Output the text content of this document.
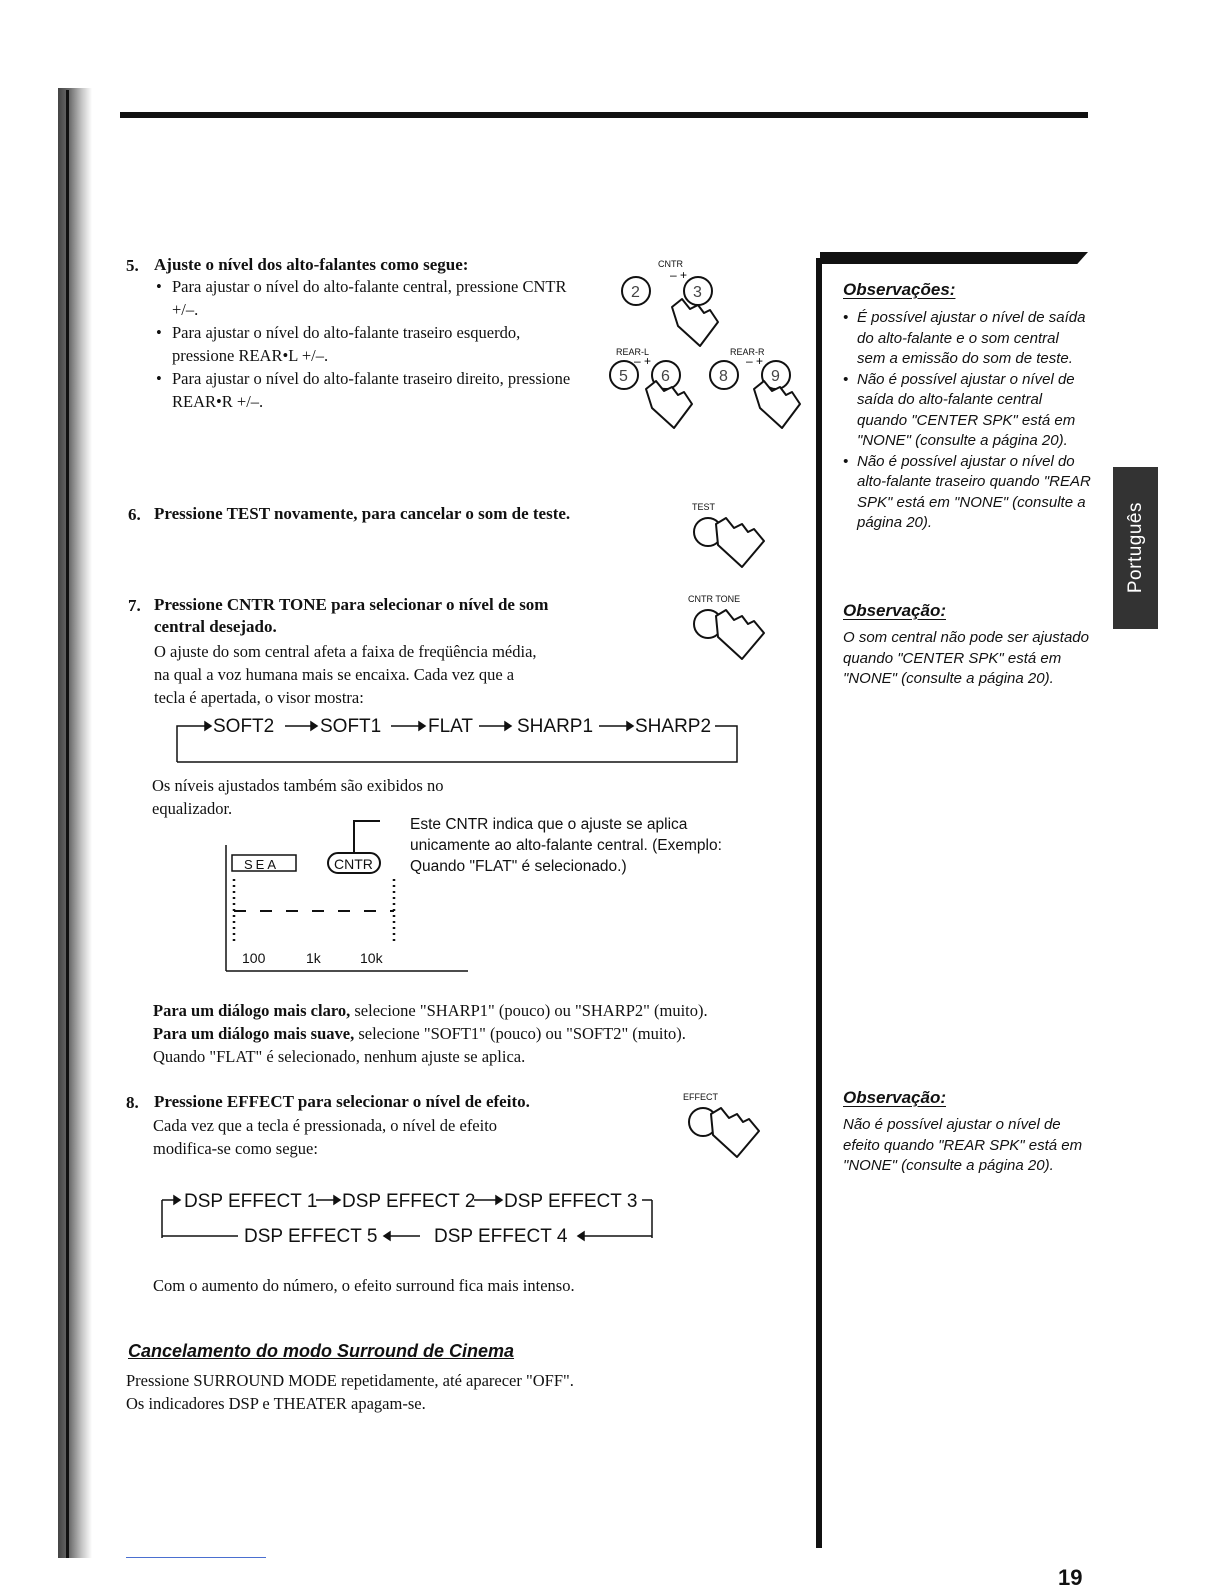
Português
5. Ajuste o nível dos alto-falantes como segue:
• Para ajustar o nível do alto-falante central, pressione CNTR +/–.
• Para ajustar o nível do alto-falante traseiro esquerdo, pressione REAR•L +/–.
• Para ajustar o nível do alto-falante traseiro direito, pressione REAR•R +/–.
CNTR
– +
2	3
REAR-L	REAR-R
– +	– +
5 6	8	9
6. Pressione TEST novamente, para cancelar o som de teste.	TEST
7. Pressione CNTR TONE para selecionar o nível de som central desejado.
O ajuste do som central afeta a faixa de freqüência média, na qual a voz humana mais se encaixa. Cada vez que a tecla é apertada, o visor mostra:
CNTR TONE
SOFT2 SOFT1 FLAT SHARP1 SHARP2
Os níveis ajustados também são exibidos no equalizador.
SEA	CNTR
100	1k	10k
Este CNTR indica que o ajuste se aplica unicamente ao alto-falante central. (Exemplo: Quando "FLAT" é selecionado.)
Para um diálogo mais claro, selecione "SHARP1" (pouco) ou "SHARP2" (muito).
Para um diálogo mais suave, selecione "SOFT1" (pouco) ou "SOFT2" (muito).
Quando "FLAT" é selecionado, nenhum ajuste se aplica.
8. Pressione EFFECT para selecionar o nível de efeito.
Cada vez que a tecla é pressionada, o nível de efeito modifica-se como segue:
EFFECT
DSP EFFECT 1 DSP EFFECT 2 DSP EFFECT 3
DSP EFFECT 5	DSP EFFECT 4
Com o aumento do número, o efeito surround fica mais intenso.
Cancelamento do modo Surround de Cinema
Pressione SURROUND MODE repetidamente, até aparecer "OFF".
Os indicadores DSP e THEATER apagam-se.
Observações:
• É possível ajustar o nível de saída do alto-falante e o som central sem a emissão do som de teste.
• Não é possível ajustar o nível de saída do alto-falante central quando "CENTER SPK" está em "NONE" (consulte a página 20).
• Não é possível ajustar o nível do alto-falante traseiro quando "REAR SPK" está em "NONE" (consulte a página 20).
Observação:
O som central não pode ser ajustado quando "CENTER SPK" está em "NONE" (consulte a página 20).
Observação:
Não é possível ajustar o nível de efeito quando "REAR SPK" está em "NONE" (consulte a página 20).
19
